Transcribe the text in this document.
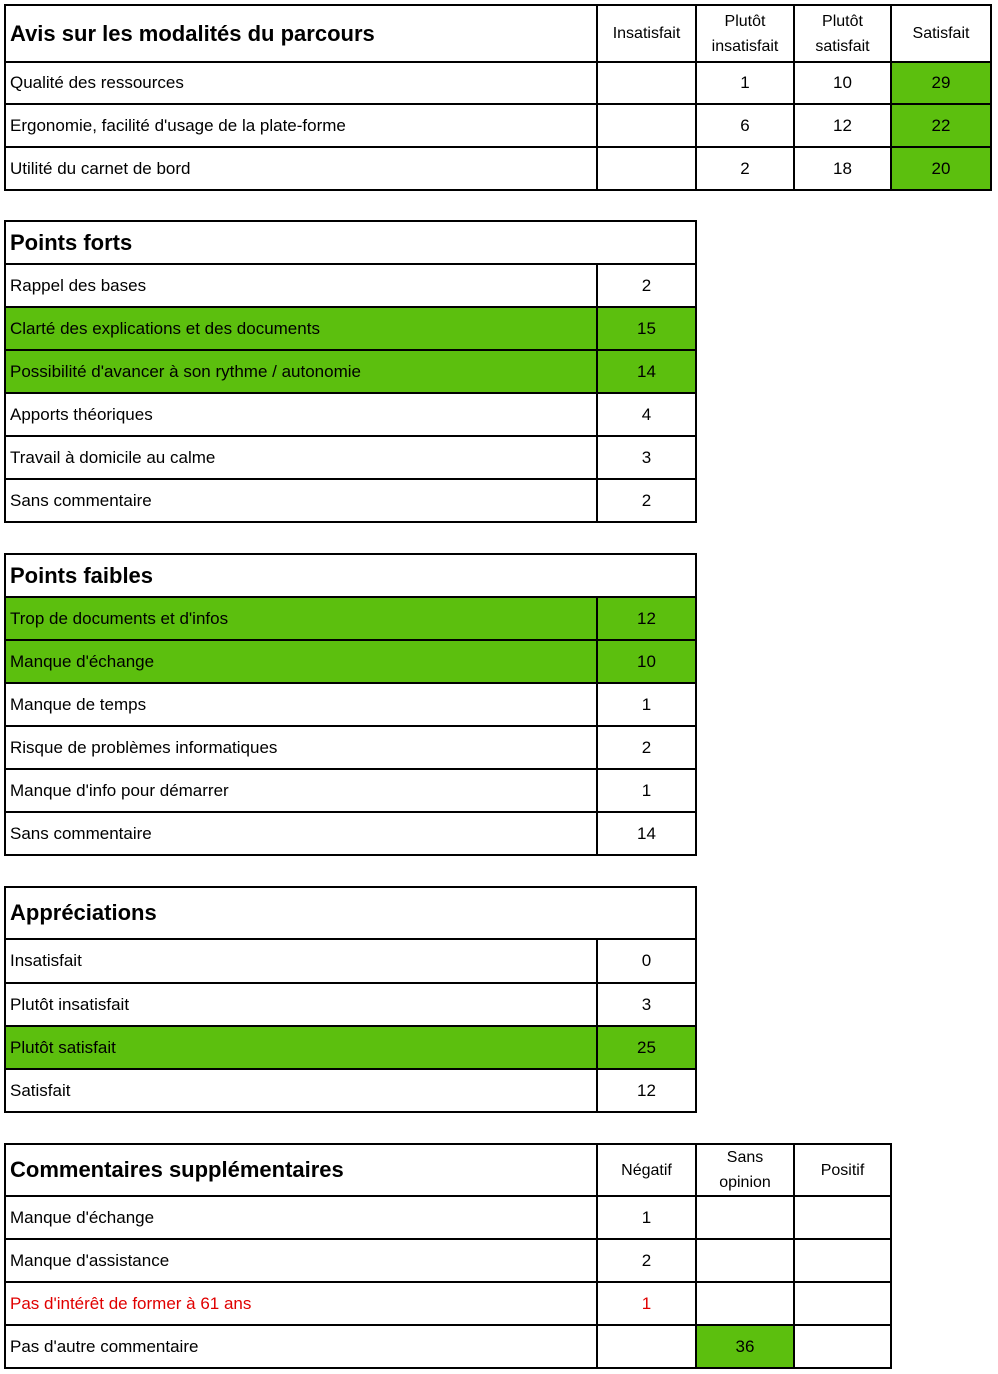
Avis sur les modalités du parcours	Insatisfait	Plutôt insatisfait	Plutôt satisfait	Satisfait
Qualité des ressources		1	10	29
Ergonomie, facilité d'usage de la plate-forme		6	12	22
Utilité du carnet de bord		2	18	20
Points forts	
Rappel des bases	2
Clarté des explications et des documents	15
Possibilité d'avancer à son rythme / autonomie	14
Apports théoriques	4
Travail à domicile au calme	3
Sans commentaire	2
Points faibles	
Trop de documents et d'infos	12
Manque d'échange	10
Manque de temps	1
Risque de problèmes informatiques	2
Manque d'info pour démarrer	1
Sans commentaire	14
Appréciations	
Insatisfait	0
Plutôt insatisfait	3
Plutôt satisfait	25
Satisfait	12
Commentaires supplémentaires	Négatif	Sans opinion	Positif
Manque d'échange	1		
Manque d'assistance	2		
Pas d'intérêt de former à 61 ans	1		
Pas d'autre commentaire		36	
